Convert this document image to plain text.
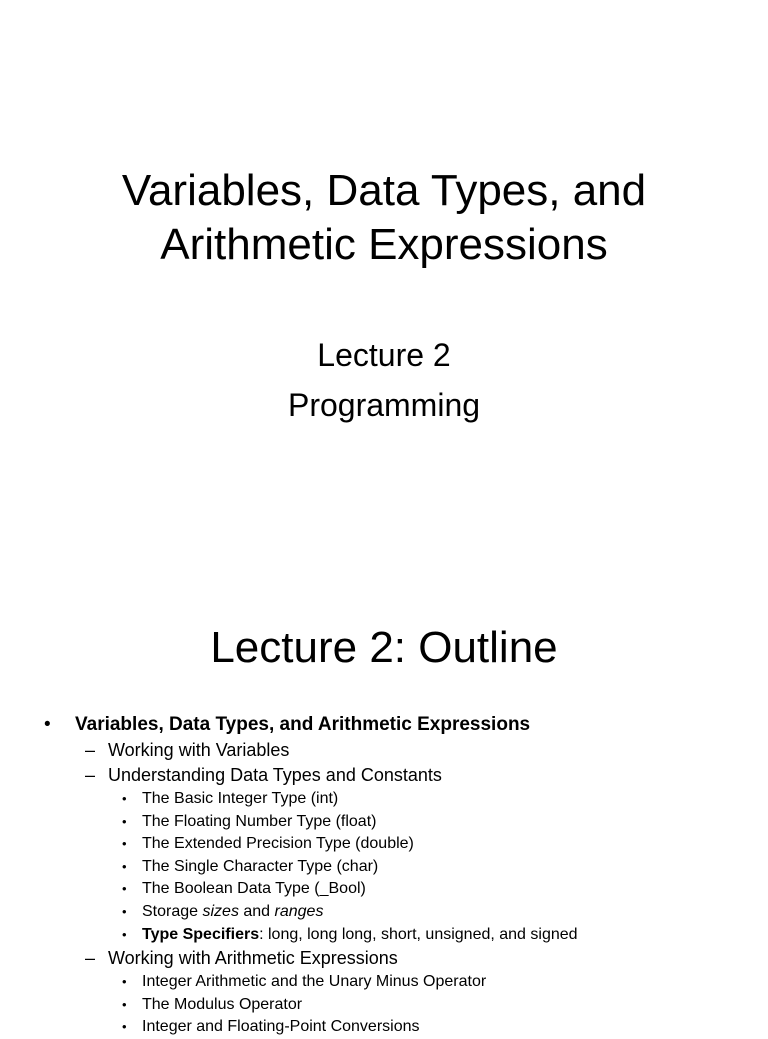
Variables, Data Types, and
Arithmetic Expressions
Lecture 2
Programming
Lecture 2: Outline
• Variables, Data Types, and Arithmetic Expressions
– Working with Variables
– Understanding Data Types and Constants
• The Basic Integer Type (int)
• The Floating Number Type (float)
• The Extended Precision Type (double)
• The Single Character Type (char)
• The Boolean Data Type (_Bool)
• Storage sizes and ranges
• Type Specifiers: long, long long, short, unsigned, and signed
– Working with Arithmetic Expressions
• Integer Arithmetic and the Unary Minus Operator
• The Modulus Operator
• Integer and Floating-Point Conversions
